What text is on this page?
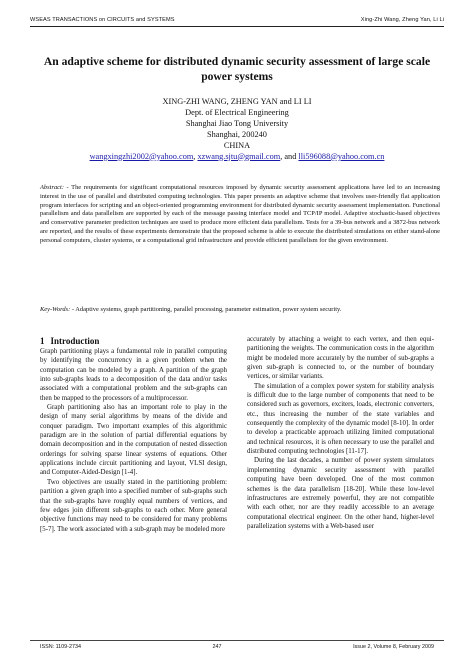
WSEAS TRANSACTIONS on CIRCUITS and SYSTEMS	Xing-Zhi Wang, Zheng Yan, Li Li
An adaptive scheme for distributed dynamic security assessment of large scale power systems
XING-ZHI WANG, ZHENG YAN and LI LI
Dept. of Electrical Engineering
Shanghai Jiao Tong University
Shanghai, 200240
CHINA
wangxingzhi2002@yahoo.com, xzwang.sjtu@gmail.com, and lli596088@yahoo.com.cn
Abstract: - The requirements for significant computational resources imposed by dynamic security assessment applications have led to an increasing interest in the use of parallel and distributed computing technologies. This paper presents an adaptive scheme that involves user-friendly flat application program interfaces for scripting and an object-oriented programming environment for distributed dynamic security assessment implementation. Functional parallelism and data parallelism are supported by each of the message passing interface model and TCP/IP model. Adaptive stochastic-based objectives and conservative parameter prediction techniques are used to produce more efficient data parallelism. Tests for a 39-bus network and a 3872-bus network are reported, and the results of these experiments demonstrate that the proposed scheme is able to execute the distributed simulations on either stand-alone personal computers, cluster systems, or a computational grid infrastructure and provide efficient parallelism for the given environment.
Key-Words: - Adaptive systems, graph partitioning, parallel processing, parameter estimation, power system security.
1 Introduction

Graph partitioning plays a fundamental role in parallel computing by identifying the concurrency in a given problem when the computation can be modeled by a graph. A partition of the graph into sub-graphs leads to a decomposition of the data and/or tasks associated with a computational problem and the sub-graphs can then be mapped to the processors of a multiprocessor.

Graph partitioning also has an important role to play in the design of many serial algorithms by means of the divide and conquer paradigm. Two important examples of this algorithmic paradigm are in the solution of partial differential equations by domain decomposition and in the computation of nested dissection orderings for solving sparse linear systems of equations. Other applications include circuit partitioning and layout, VLSI design, and Computer-Aided-Design [1-4].

Two objectives are usually stated in the partitioning problem: partition a given graph into a specified number of sub-graphs such that the sub-graphs have roughly equal numbers of vertices, and few edges join different sub-graphs to each other. More general objective functions may need to be considered for many problems [5-7]. The work associated with a sub-graph may be modeled more

accurately by attaching a weight to each vertex, and then equi-partitioning the weights. The communication costs in the algorithm might be modeled more accurately by the number of sub-graphs a given sub-graph is connected to, or the number of boundary vertices, or similar variants.

The simulation of a complex power system for stability analysis is difficult due to the large number of components that need to be considered such as governors, exciters, loads, electronic converters, etc., thus increasing the number of the state variables and consequently the complexity of the dynamic model [8-10]. In order to develop a practicable approach utilizing limited computational and technical resources, it is often necessary to use the parallel and distributed computing technologies [11-17].

During the last decades, a number of power system simulators implementing dynamic security assessment with parallel computing have been developed. One of the most common schemes is the data parallelism [18-20]. While these low-level infrastructures are extremely powerful, they are not compatible with each other, nor are they readily accessible to an average computational electrical engineer. On the other hand, higher-level parallelization systems with a Web-based user

ISSN: 1109-2734	247	Issue 2, Volume 8, February 2009
